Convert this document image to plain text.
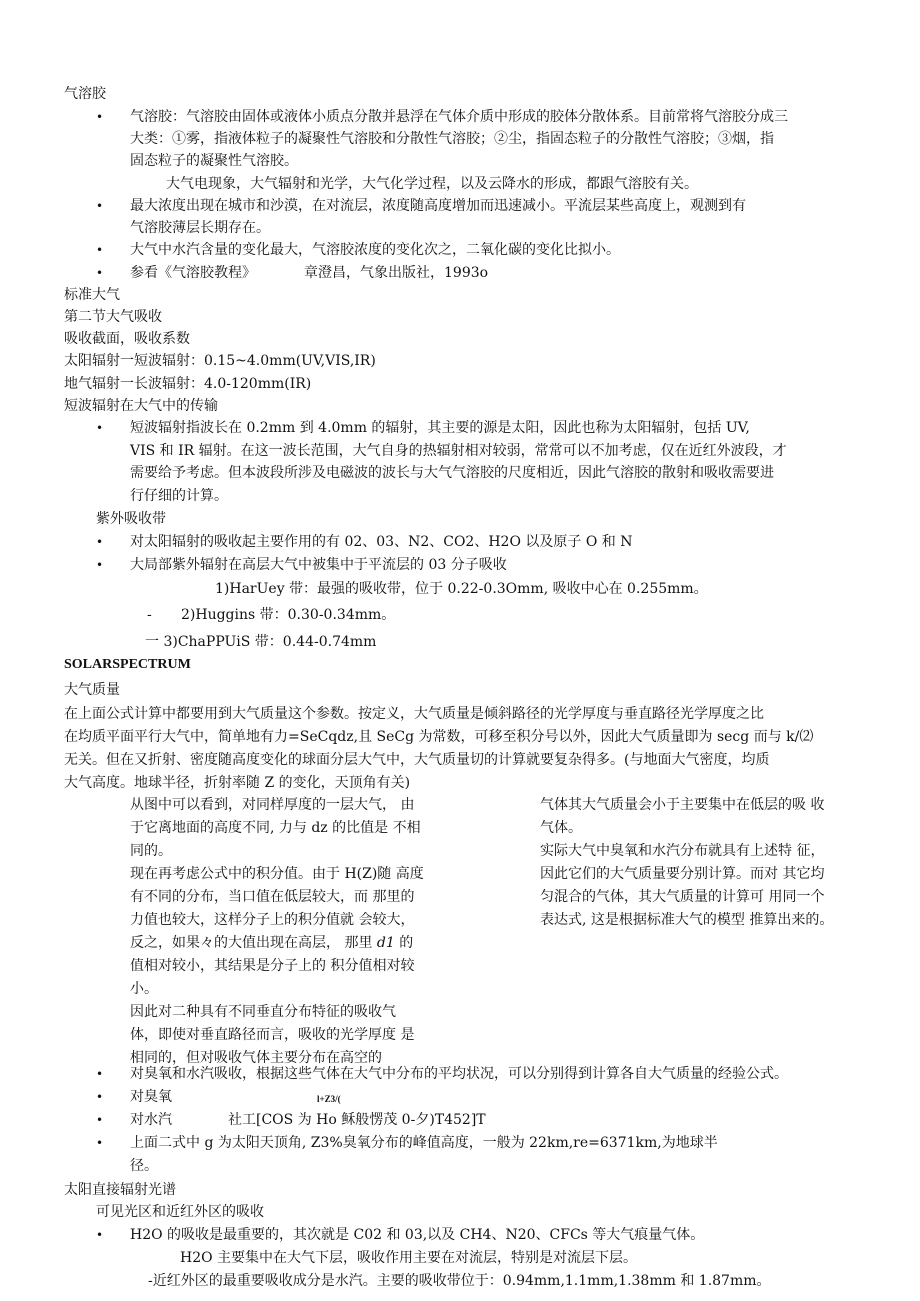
气溶胶
• 气溶胶：气溶胶由固体或液体小质点分散并悬浮在气体介质中形成的胶体分散体系。目前常将气溶胶分成三
大类：①雾，指液体粒子的凝聚性气溶胶和分散性气溶胶；②尘，指固态粒子的分散性气溶胶；③烟，指
固态粒子的凝聚性气溶胶。
大气电现象，大气辐射和光学，大气化学过程，以及云降水的形成，都跟气溶胶有关。
• 最大浓度出现在城市和沙漠，在对流层，浓度随高度增加而迅速减小。平流层某些高度上，观测到有
气溶胶薄层长期存在。
• 大气中水汽含量的变化最大，气溶胶浓度的变化次之，二氧化碳的变化比拟小。
• 参看《气溶胶教程》	章澄昌，气象出版社，1993o
标准大气
第二节大气吸收
吸收截面，吸收系数
太阳辐射一短波辐射：0.15~4.0mm(UV,VIS,IR)
地气辐射一长波辐射：4.0-120mm(IR)
短波辐射在大气中的传输
• 短波辐射指波长在 0.2mm 到 4.0mm 的辐射，其主要的源是太阳，因此也称为太阳辐射，包括 UV,
VIS 和 IR 辐射。在这一波长范围，大气自身的热辐射相对较弱，常常可以不加考虑，仅在近红外波段，才
需要给予考虑。但本波段所涉及电磁波的波长与大气气溶胶的尺度相近，因此气溶胶的散射和吸收需要进
行仔细的计算。
紫外吸收带
• 对太阳辐射的吸收起主要作用的有 02、03、N2、CO2、H2O 以及原子 O 和 N
• 大局部紫外辐射在高层大气中被集中于平流层的 03 分子吸收
1)HarUey 带：最强的吸收带，位于 0.22-0.3Omm, 吸收中心在 0.255mm。
- 2)Huggins 带：0.30-0.34mm。
一 3)ChaPPUiS 带：0.44-0.74mm
SOLARSPECTRUM
大气质量
在上面公式计算中都要用到大气质量这个参数。按定义，大气质量是倾斜路径的光学厚度与垂直路径光学厚度之比
在均质平面平行大气中，简单地有力=SeCqdz,且 SeCg 为常数，可移至积分号以外，因此大气质量即为 secg 而与 k/⑵
无关。但在又折射、密度随高度变化的球面分层大气中，大气质量切的计算就要复杂得多。(与地面大气密度，均质
大气高度。地球半径，折射率随 Z 的变化，天顶角有关)
从图中可以看到，对同样厚度的一层大气， 由
于它离地面的高度不同, 力与 dz 的比值是 不相
同的。
现在再考虑公式中的积分值。由于 H(Z)随 高度
有不同的分布，当口值在低层较大，而 那里的
力值也较大，这样分子上的积分值就 会较大，
反之，如果々的大值出现在高层， 那里 d1 的
值相对较小，其结果是分子上的 积分值相对较
小。
因此对二种具有不同垂直分布特征的吸收气
体，即使对垂直路径而言，吸收的光学厚度 是
相同的，但对吸收气体主要分布在高空的
气体其大气质量会小于主要集中在低层的吸 收
气体。
实际大气中臭氧和水汽分布就具有上述特 征，
因此它们的大气质量要分别计算。而对 其它均
匀混合的气体，其大气质量的计算可 用同一个
表达式, 这是根据标准大气的模型 推算出来的。
• 对臭氧和水汽吸收，根据这些气体在大气中分布的平均状况，可以分别得到计算各自大气质量的经验公式。
• 对臭氧	l+Z3/(
• 对水汽	社工[COS 为 Ho 稣般愣茂 0-夕)T452]T
• 上面二式中 g 为太阳天顶角, Z3%臭氧分布的峰值高度，一般为 22km,re=6371km,为地球半
径。
太阳直接辐射光谱
可见光区和近红外区的吸收
• H2O 的吸收是最重要的，其次就是 C02 和 03,以及 CH4、N20、CFCs 等大气痕量气体。
H2O 主要集中在大气下层，吸收作用主要在对流层，特别是对流层下层。
-近红外区的最重要吸收成分是水汽。主要的吸收带位于：0.94mm,1.1mm,1.38mm 和 1.87mm。
